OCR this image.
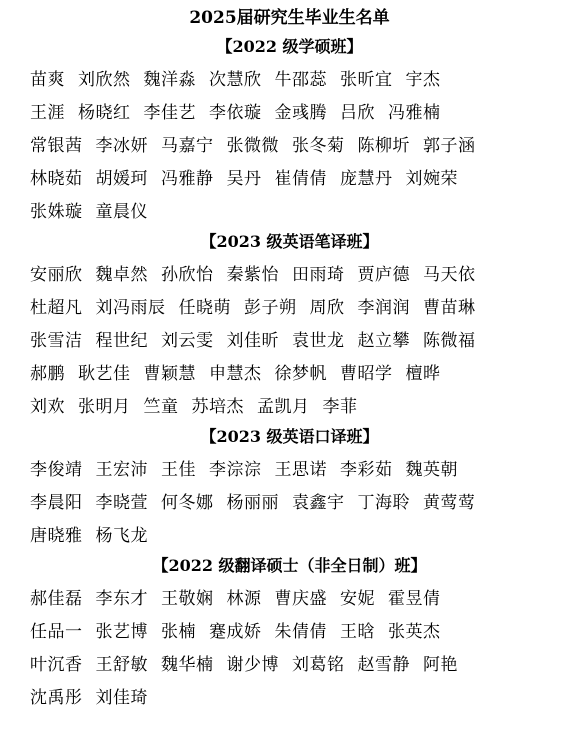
2025届研究生毕业生名单
【2022 级学硕班】
苗爽 刘欣然 魏洋淼 次慧欣 牛邵蕊 张昕宜 宇杰
王涯 杨晓红 李佳艺 李依璇 金彧腾 吕欣 冯雅楠
常银茜 李冰妍 马嘉宁 张微微 张冬菊 陈柳圻 郭子涵
林晓茹 胡媛珂 冯雅静 吴丹 崔倩倩 庞慧丹 刘婉荣
张姝璇 童晨仪
【2023 级英语笔译班】
安丽欣 魏卓然 孙欣怡 秦紫怡 田雨琦 贾庐德 马天依
杜超凡 刘冯雨辰 任晓萌 彭子朔 周欣 李润润 曹苗琳
张雪洁 程世纪 刘云雯 刘佳昕 袁世龙 赵立攀 陈微福
郝鹏 耿艺佳 曹颖慧 申慧杰 徐梦帆 曹昭学 檀晔
刘欢 张明月 竺童 苏培杰 孟凯月 李菲
【2023 级英语口译班】
李俊靖 王宏沛 王佳 李淙淙 王思诺 李彩茹 魏英朝
李晨阳 李晓萱 何冬娜 杨丽丽 袁鑫宇 丁海聆 黄莺莺
唐晓雅 杨飞龙
【2022 级翻译硕士（非全日制）班】
郝佳磊 李东才 王敬娴 林源 曹庆盛 安妮 霍昱倩
任品一 张艺博 张楠 蹇成娇 朱倩倩 王晗 张英杰
叶沉香 王舒敏 魏华楠 谢少博 刘葛铭 赵雪静 阿艳
沈禹彤 刘佳琦
